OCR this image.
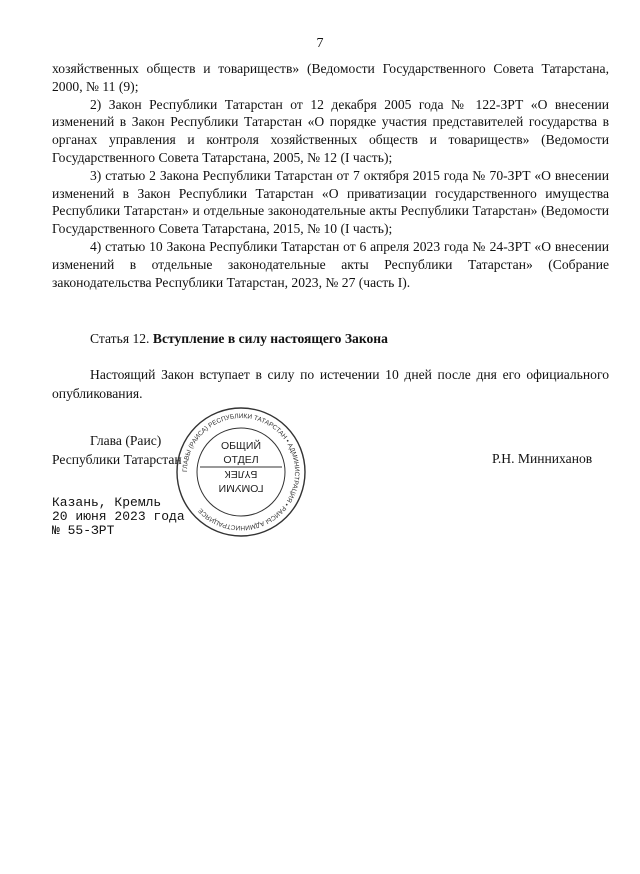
7

хозяйственных обществ и товариществ» (Ведомости Государственного Совета Татарстана, 2000, № 11 (9);

2) Закон Республики Татарстан от 12 декабря 2005 года № 122-ЗРТ «О внесении изменений в Закон Республики Татарстан «О порядке участия представителей государства в органах управления и контроля хозяйственных обществ и товариществ» (Ведомости Государственного Совета Татарстана, 2005, № 12 (I часть);

3) статью 2 Закона Республики Татарстан от 7 октября 2015 года № 70-ЗРТ «О внесении изменений в Закон Республики Татарстан «О приватизации государственного имущества Республики Татарстан» и отдельные законодательные акты Республики Татарстан» (Ведомости Государственного Совета Татарстана, 2015, № 10 (I часть);

4) статью 10 Закона Республики Татарстан от 6 апреля 2023 года № 24-ЗРТ «О внесении изменений в отдельные законодательные акты Республики Татарстан» (Собрание законодательства Республики Татарстан, 2023, № 27 (часть I).

Статья 12. Вступление в силу настоящего Закона

Настоящий Закон вступает в силу по истечении 10 дней после дня его официального опубликования.

Глава (Раис)
Республики Татарстан	Р.Н. Минниханов
ГЛАВЫ (РАИСА) РЕСПУБЛИКИ ТАТАРСТАН • АДМИНИСТРАЦИЯ • РАИСЫ АДМИНИСТРАЦИЯСЕ
ОБЩИЙ
ОТДЕЛ
БҮЛЕК
ГОМУМИ
Казань, Кремль
20 июня 2023 года
№ 55-ЗРТ
